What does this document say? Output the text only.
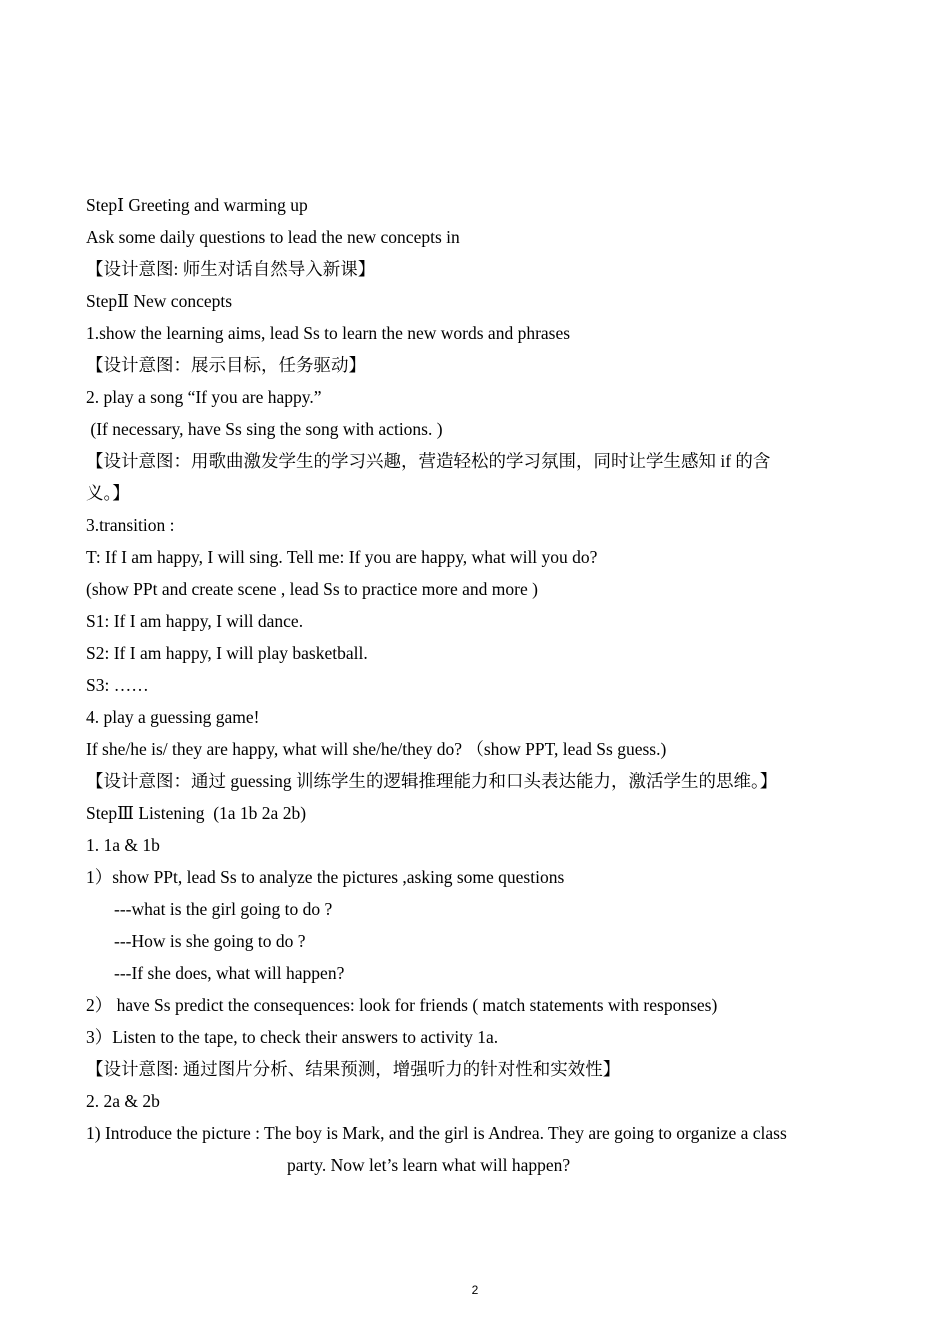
StepⅠ Greeting and warming up
Ask some daily questions to lead the new concepts in
【设计意图: 师生对话自然导入新课】
StepⅡ New concepts
1.show the learning aims, lead Ss to learn the new words and phrases
【设计意图：展示目标，任务驱动】
2. play a song “If you are happy.”
(If necessary, have Ss sing the song with actions. )
【设计意图：用歌曲激发学生的学习兴趣，营造轻松的学习氛围，同时让学生感知 if 的含
义。】
3.transition :
T: If I am happy, I will sing. Tell me: If you are happy, what will you do?
(show PPt and create scene , lead Ss to practice more and more )
S1: If I am happy, I will dance.
S2: If I am happy, I will play basketball.
S3: ……
4. play a guessing game!
If she/he is/ they are happy, what will she/he/they do? （show PPT, lead Ss guess.)
【设计意图：通过 guessing 训练学生的逻辑推理能力和口头表达能力，激活学生的思维。】
StepⅢ Listening  (1a 1b 2a 2b)
1. 1a & 1b
1）show PPt, lead Ss to analyze the pictures ,asking some questions
---what is the girl going to do ?
---How is she going to do ?
---If she does, what will happen?
2） have Ss predict the consequences: look for friends ( match statements with responses)
3）Listen to the tape, to check their answers to activity 1a.
【设计意图: 通过图片分析、结果预测，增强听力的针对性和实效性】
2. 2a & 2b
1) Introduce the picture : The boy is Mark, and the girl is Andrea. They are going to organize a class
party. Now let’s learn what will happen?
2
